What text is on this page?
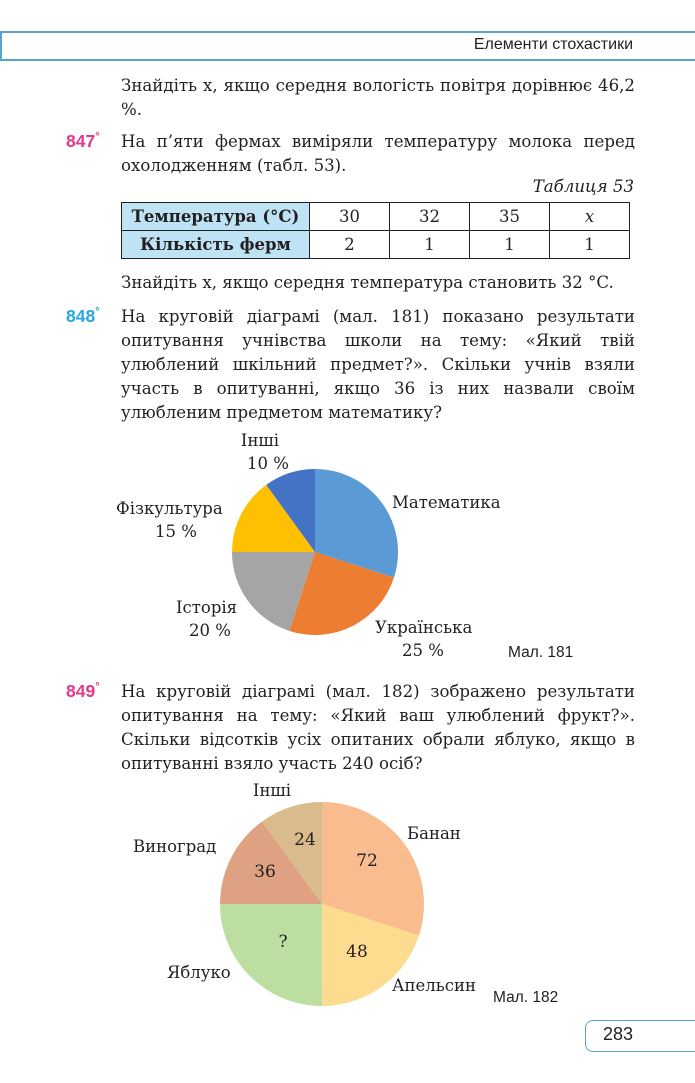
Елементи стохастики

Знайдіть x, якщо середня вологість повітря дорівнює 46,2 %.

847° На п’яти фермах виміряли температуру молока перед охолодженням (табл. 53).

Таблиця 53
Температура (°C)	30	32	35	x
Кількість ферм	2	1	1	1

Знайдіть x, якщо середня температура становить 32 °C.

848° На круговій діаграмі (мал. 181) показано результати опитування учнівства школи на тему: «Який твій улюблений шкільний предмет?». Скільки учнів взяли участь в опитуванні, якщо 36 із них назвали своїм улюбленим предметом математику?

849° На круговій діаграмі (мал. 182) зображено результати опитування на тему: «Який ваш улюблений фрукт?». Скільки відсотків усіх опитаних обрали яблуко, якщо в опитуванні взяло участь 240 осіб?

72
48
?
36
24
Інші
10 %
Математика
Фізкультура
15 %
Історія
20 %	Українська
25 %	Мал. 181
Інші
Банан
Виноград
Яблуко
Апельсин
Мал. 182
283
